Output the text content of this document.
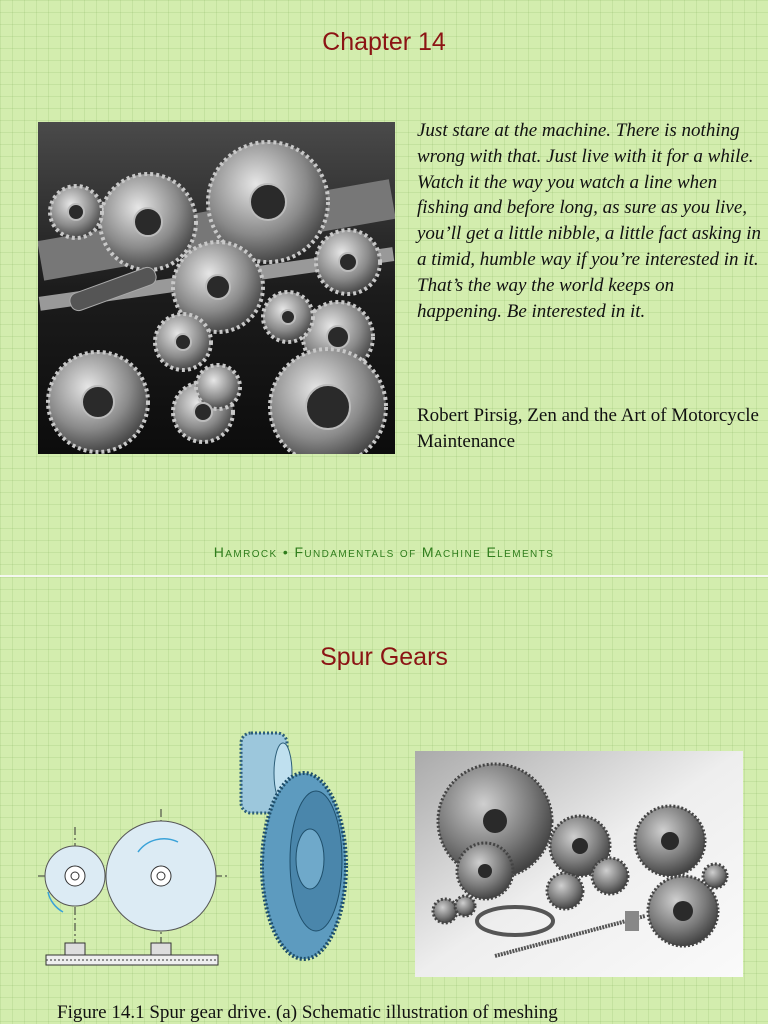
Chapter 14
Just stare at the machine. There is nothing wrong with that. Just live with it for a while. Watch it the way you watch a line when fishing and before long, as sure as you live, you’ll get a little nibble, a little fact asking in a timid, humble way if you’re interested in it. That’s the way the world keeps on happening. Be interested in it.
Robert Pirsig, Zen and the Art of Motorcycle Maintenance
Hamrock • Fundamentals of Machine Elements
Spur Gears
Figure 14.1 Spur gear drive. (a) Schematic illustration of meshing
